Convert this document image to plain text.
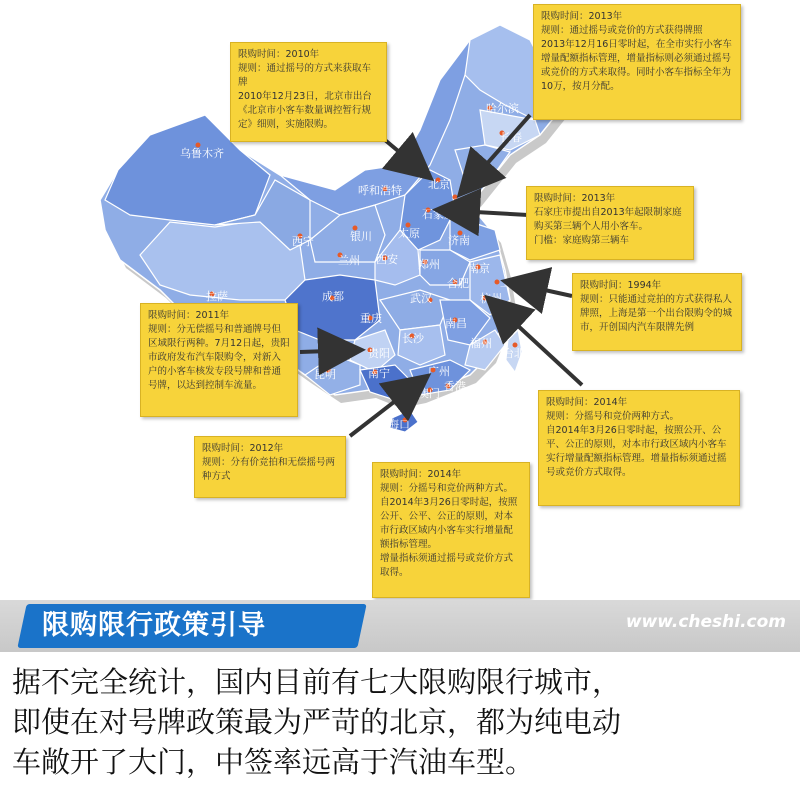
哈尔滨
长春
乌鲁木齐
呼和浩特 北京
天津
石家庄
银川 太原
济南
西宁
兰州 西安 郑州	南京
合肥	上海
拉萨	成都	武汉	杭州
重庆	南昌
贵阳
长沙	福州
台北
昆明	南宁	广州
香港
澳门
海口
限购时间：2010年
规则：通过摇号的方式来获取车牌
2010年12月23日，北京市出台《北京市小客车数量调控暂行规定》细则，实施限购。
限购时间：2013年
规则：通过摇号或竞价的方式获得牌照
2013年12月16日零时起，在全市实行小客车增量配额指标管理，增量指标则必须通过摇号或竞价的方式来取得。同时小客车指标全年为10万，按月分配。
限购时间：2013年
石家庄市提出自2013年起限制家庭购买第三辆个人用小客车。
门槛：家庭购第三辆车
限购时间：1994年
规则：只能通过竞拍的方式获得私人牌照，上海是第一个出台限购令的城市，开创国内汽车限牌先例
限购时间：2011年
规则：分无偿摇号和普通牌号但区域限行两种。7月12日起，贵阳市政府发布汽车限购令，对新入户的小客车核发专段号牌和普通号牌，以达到控制车流量。
限购时间：2014年
规则：分摇号和竞价两种方式。
自2014年3月26日零时起，按照公开、公平、公正的原则，对本市行政区域内小客车实行增量配额指标管理。增量指标须通过摇号或竞价方式取得。
限购时间：2012年
规则：分有价竞拍和无偿摇号两种方式	限购时间：2014年
规则：分摇号和竞价两种方式。
自2014年3月26日零时起，按照公开、公平、公正的原则，对本市行政区域内小客车实行增量配额指标管理。
增量指标须通过摇号或竞价方式取得。
限购限行政策引导	www.cheshi.com
据不完全统计，国内目前有七大限购限行城市，
即使在对号牌政策最为严苛的北京，都为纯电动
车敞开了大门，中签率远高于汽油车型。
